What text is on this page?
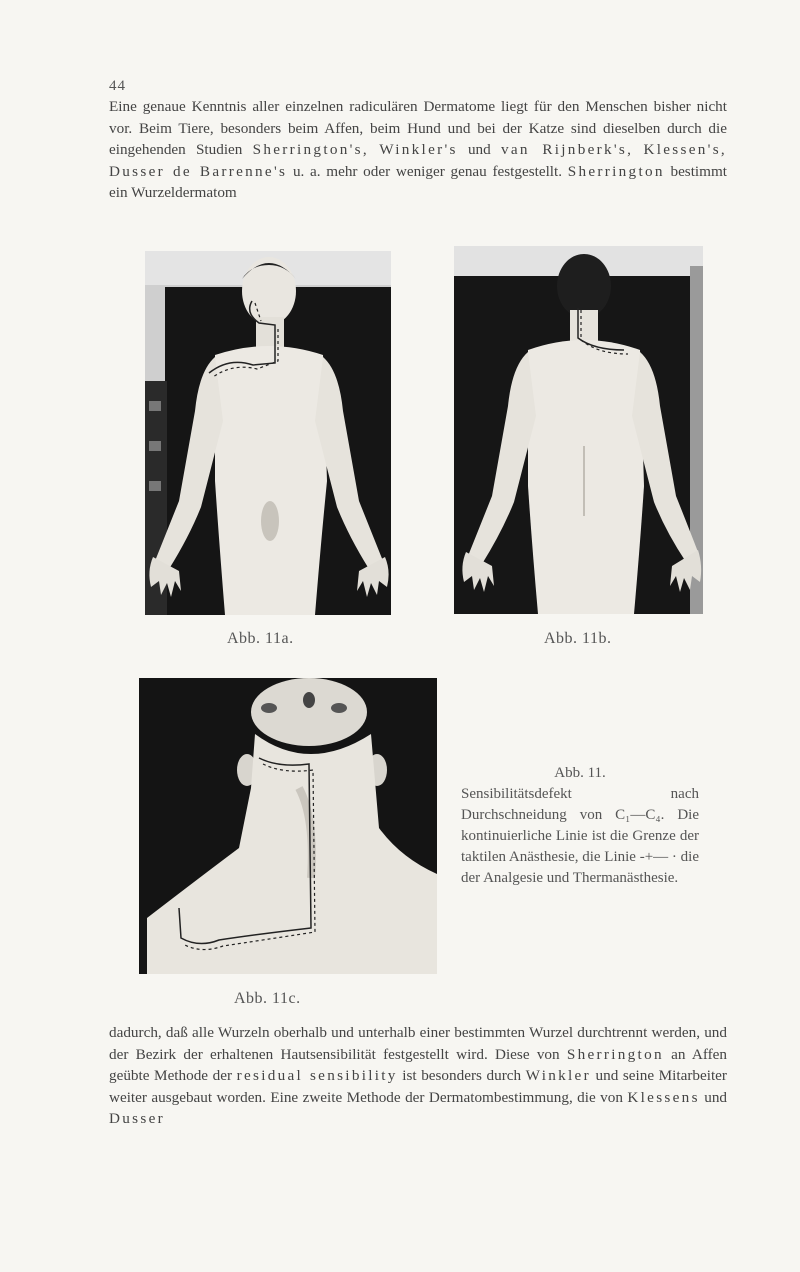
44
Eine genaue Kenntnis aller einzelnen radiculären Dermatome liegt für den Menschen bisher nicht vor. Beim Tiere, besonders beim Affen, beim Hund und bei der Katze sind dieselben durch die eingehenden Studien Sherrington's, Winkler's und van Rijnberk's, Klessen's, Dusser de Barrenne's u. a. mehr oder weniger genau festgestellt. Sherrington bestimmt ein Wurzeldermatom
Abb. 11a.	Abb. 11b.
Abb. 11c.
Abb. 11.
Sensibilitätsdefekt nach Durchschneidung von C₁—C₄. Die kontinuierliche Linie ist die Grenze der taktilen Anästhesie, die Linie -+— · die der Analgesie und Thermanästhesie.
dadurch, daß alle Wurzeln oberhalb und unterhalb einer bestimmten Wurzel durchtrennt werden, und der Bezirk der erhaltenen Hautsensibilität festgestellt wird. Diese von Sherrington an Affen geübte Methode der residual sensibility ist besonders durch Winkler und seine Mitarbeiter weiter ausgebaut worden. Eine zweite Methode der Dermatombestimmung, die von Klessens und Dusser
